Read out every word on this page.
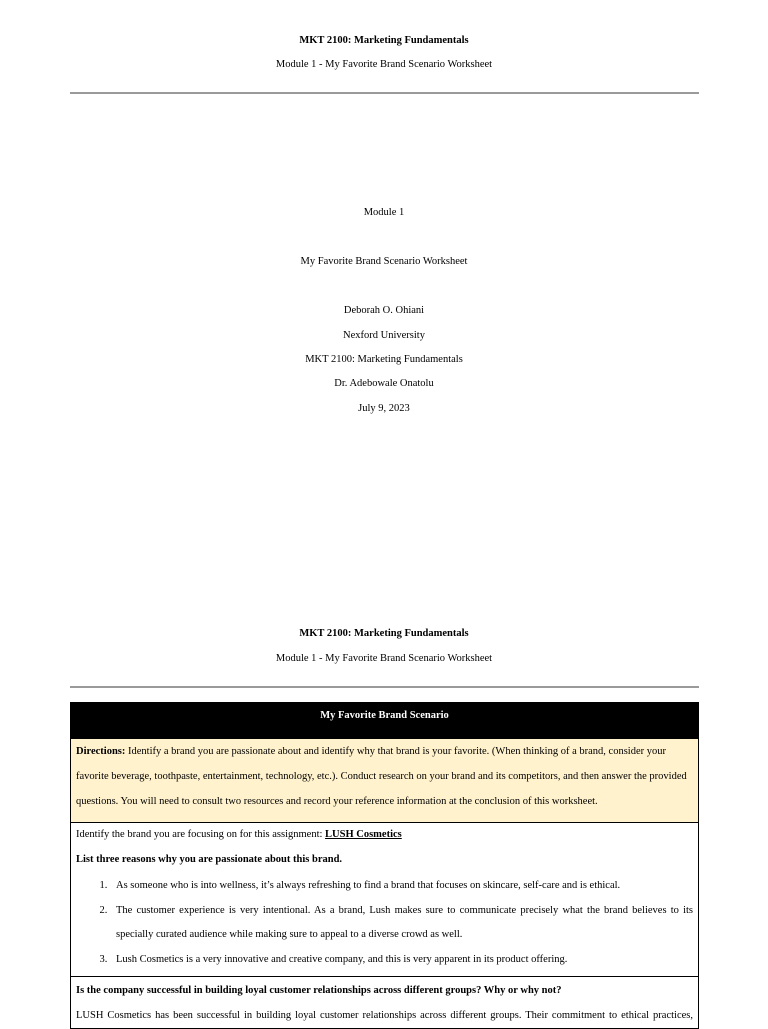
MKT 2100: Marketing Fundamentals
Module 1 - My Favorite Brand Scenario Worksheet
Module 1
My Favorite Brand Scenario Worksheet
Deborah O. Ohiani
Nexford University
MKT 2100: Marketing Fundamentals
Dr. Adebowale Onatolu
July 9, 2023
MKT 2100: Marketing Fundamentals
Module 1 - My Favorite Brand Scenario Worksheet
My Favorite Brand Scenario
Directions: Identify a brand you are passionate about and identify why that brand is your favorite. (When thinking of a brand, consider your favorite beverage, toothpaste, entertainment, technology, etc.). Conduct research on your brand and its competitors, and then answer the provided questions. You will need to consult two resources and record your reference information at the conclusion of this worksheet.
Identify the brand you are focusing on for this assignment: LUSH Cosmetics
List three reasons why you are passionate about this brand.
1. As someone who is into wellness, it’s always refreshing to find a brand that focuses on skincare, self-care and is ethical.
2. The customer experience is very intentional. As a brand, Lush makes sure to communicate precisely what the brand believes to its specially curated audience while making sure to appeal to a diverse crowd as well.
3. Lush Cosmetics is a very innovative and creative company, and this is very apparent in its product offering.
Is the company successful in building loyal customer relationships across different groups? Why or why not?
LUSH Cosmetics has been successful in building loyal customer relationships across different groups. Their commitment to ethical practices,
